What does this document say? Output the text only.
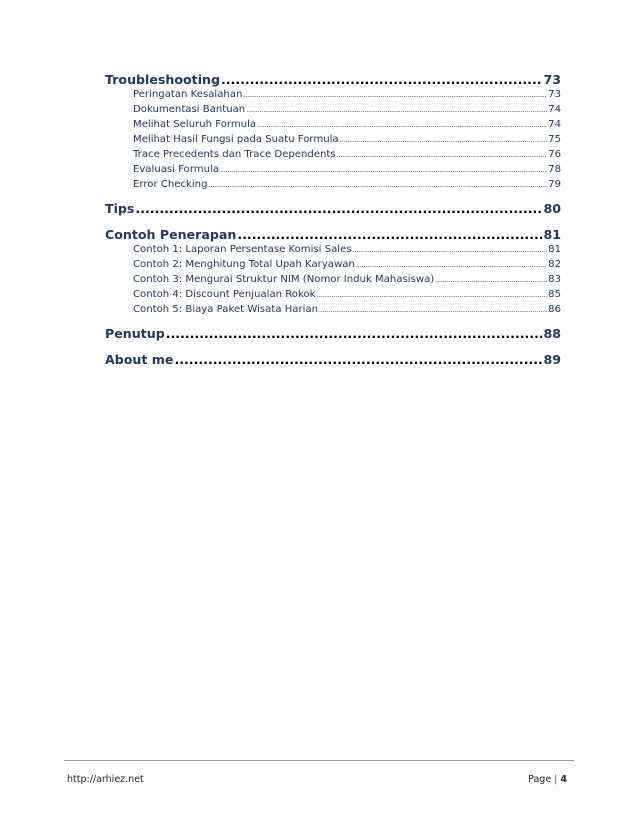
Troubleshooting .....	73
Peringatan Kesalahan .....	73
Dokumentasi Bantuan .....	74
Melihat Seluruh Formula .....	74
Melihat Hasil Fungsi pada Suatu Formula .....	75
Trace Precedents dan Trace Dependents .....	76
Evaluasi Formula .....	78
Error Checking .....	79
Tips .....	80
Contoh Penerapan .....	81
Contoh 1: Laporan Persentase Komisi Sales .....	81
Contoh 2: Menghitung Total Upah Karyawan .....	82
Contoh 3: Mengurai Struktur NIM (Nomor Induk Mahasiswa) .....	83
Contoh 4: Discount Penjualan Rokok .....	85
Contoh 5: Biaya Paket Wisata Harian .....	86
Penutup .....	88
About me .....	89
http://arhiez.net	Page | 4
